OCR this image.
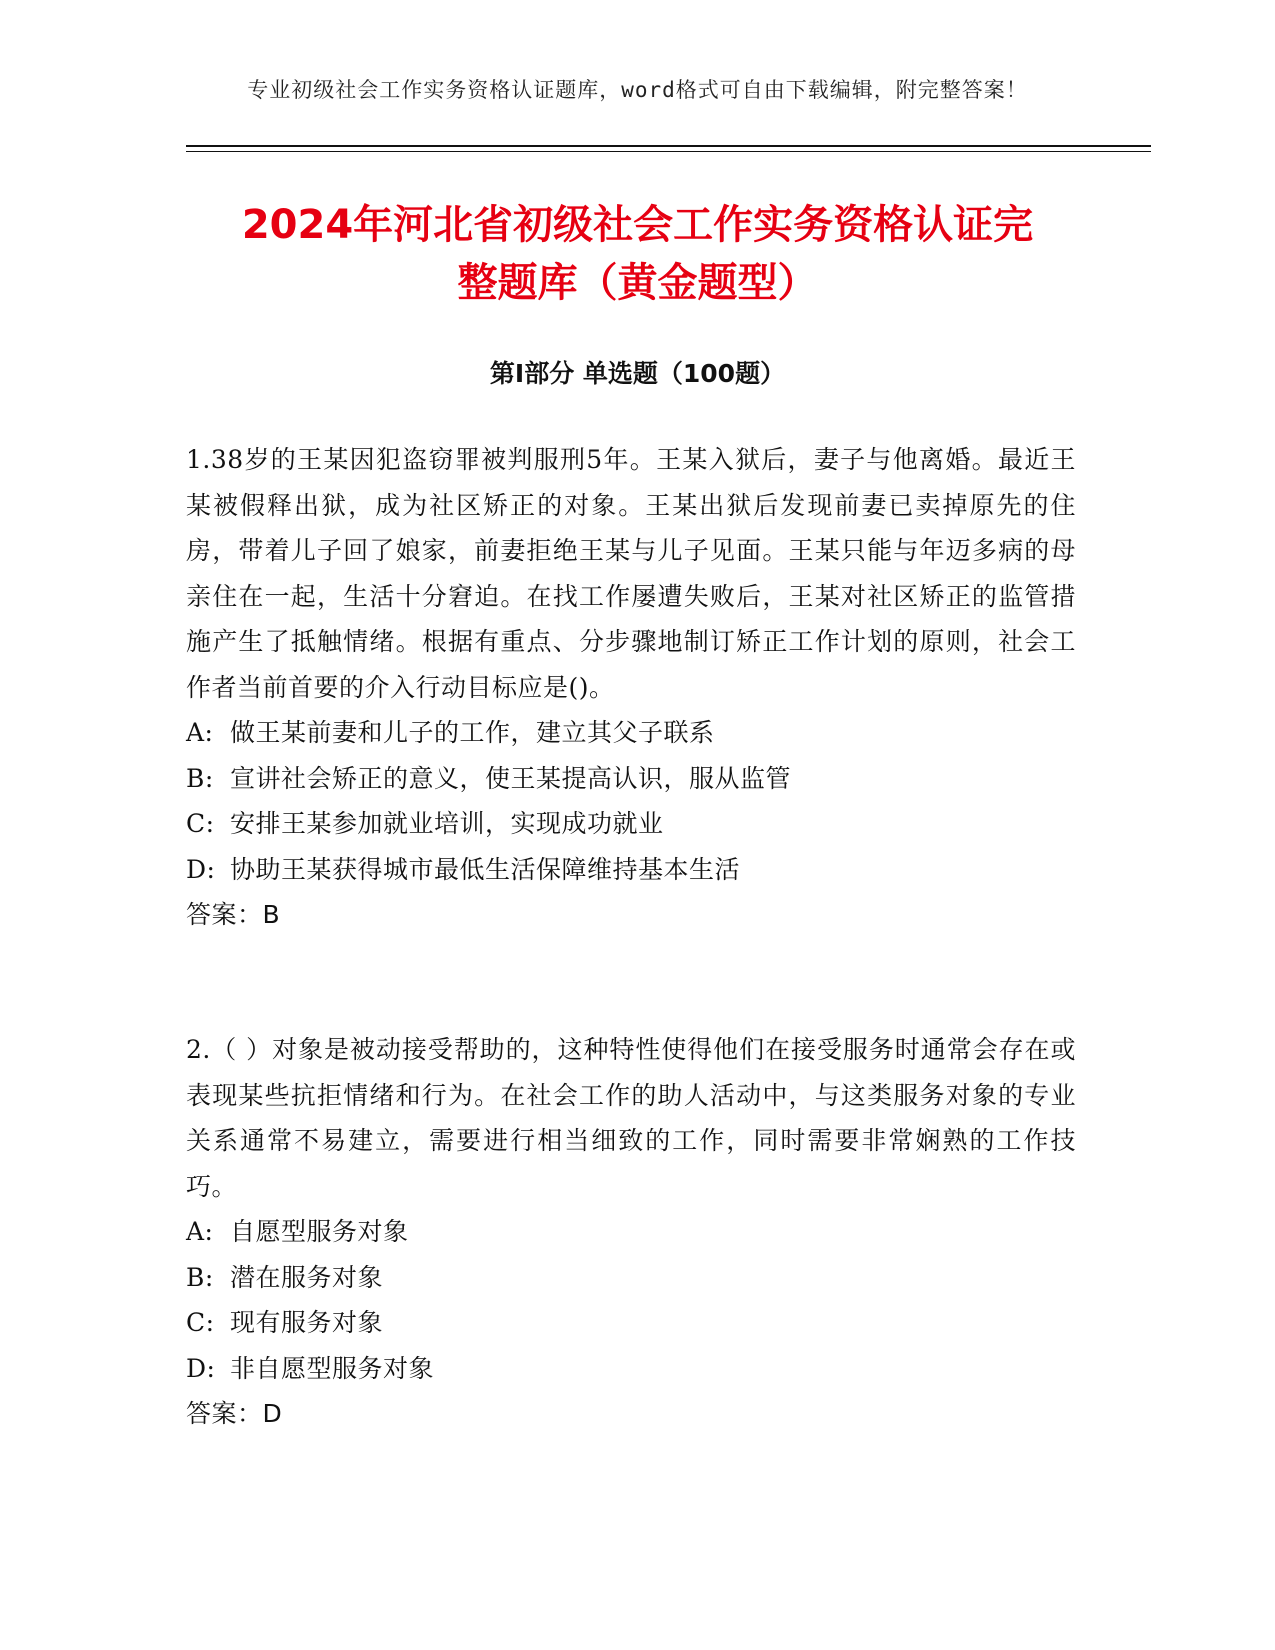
专业初级社会工作实务资格认证题库，word格式可自由下载编辑，附完整答案！
2024年河北省初级社会工作实务资格认证完
整题库（黄金题型）
第Ⅰ部分 单选题（100题）

1.38岁的王某因犯盗窃罪被判服刑5年。王某入狱后，妻子与他离婚。最近王某被假释出狱，成为社区矫正的对象。王某出狱后发现前妻已卖掉原先的住房，带着儿子回了娘家，前妻拒绝王某与儿子见面。王某只能与年迈多病的母亲住在一起，生活十分窘迫。在找工作屡遭失败后，王某对社区矫正的监管措施产生了抵触情绪。根据有重点、分步骤地制订矫正工作计划的原则，社会工作者当前首要的介入行动目标应是()。

A: 做王某前妻和儿子的工作，建立其父子联系

B: 宣讲社会矫正的意义，使王某提高认识，服从监管

C: 安排王某参加就业培训，实现成功就业

D: 协助王某获得城市最低生活保障维持基本生活

答案：B

2.（ ）对象是被动接受帮助的，这种特性使得他们在接受服务时通常会存在或表现某些抗拒情绪和行为。在社会工作的助人活动中，与这类服务对象的专业关系通常不易建立，需要进行相当细致的工作，同时需要非常娴熟的工作技巧。

A: 自愿型服务对象

B: 潜在服务对象

C: 现有服务对象

D: 非自愿型服务对象

答案：D
